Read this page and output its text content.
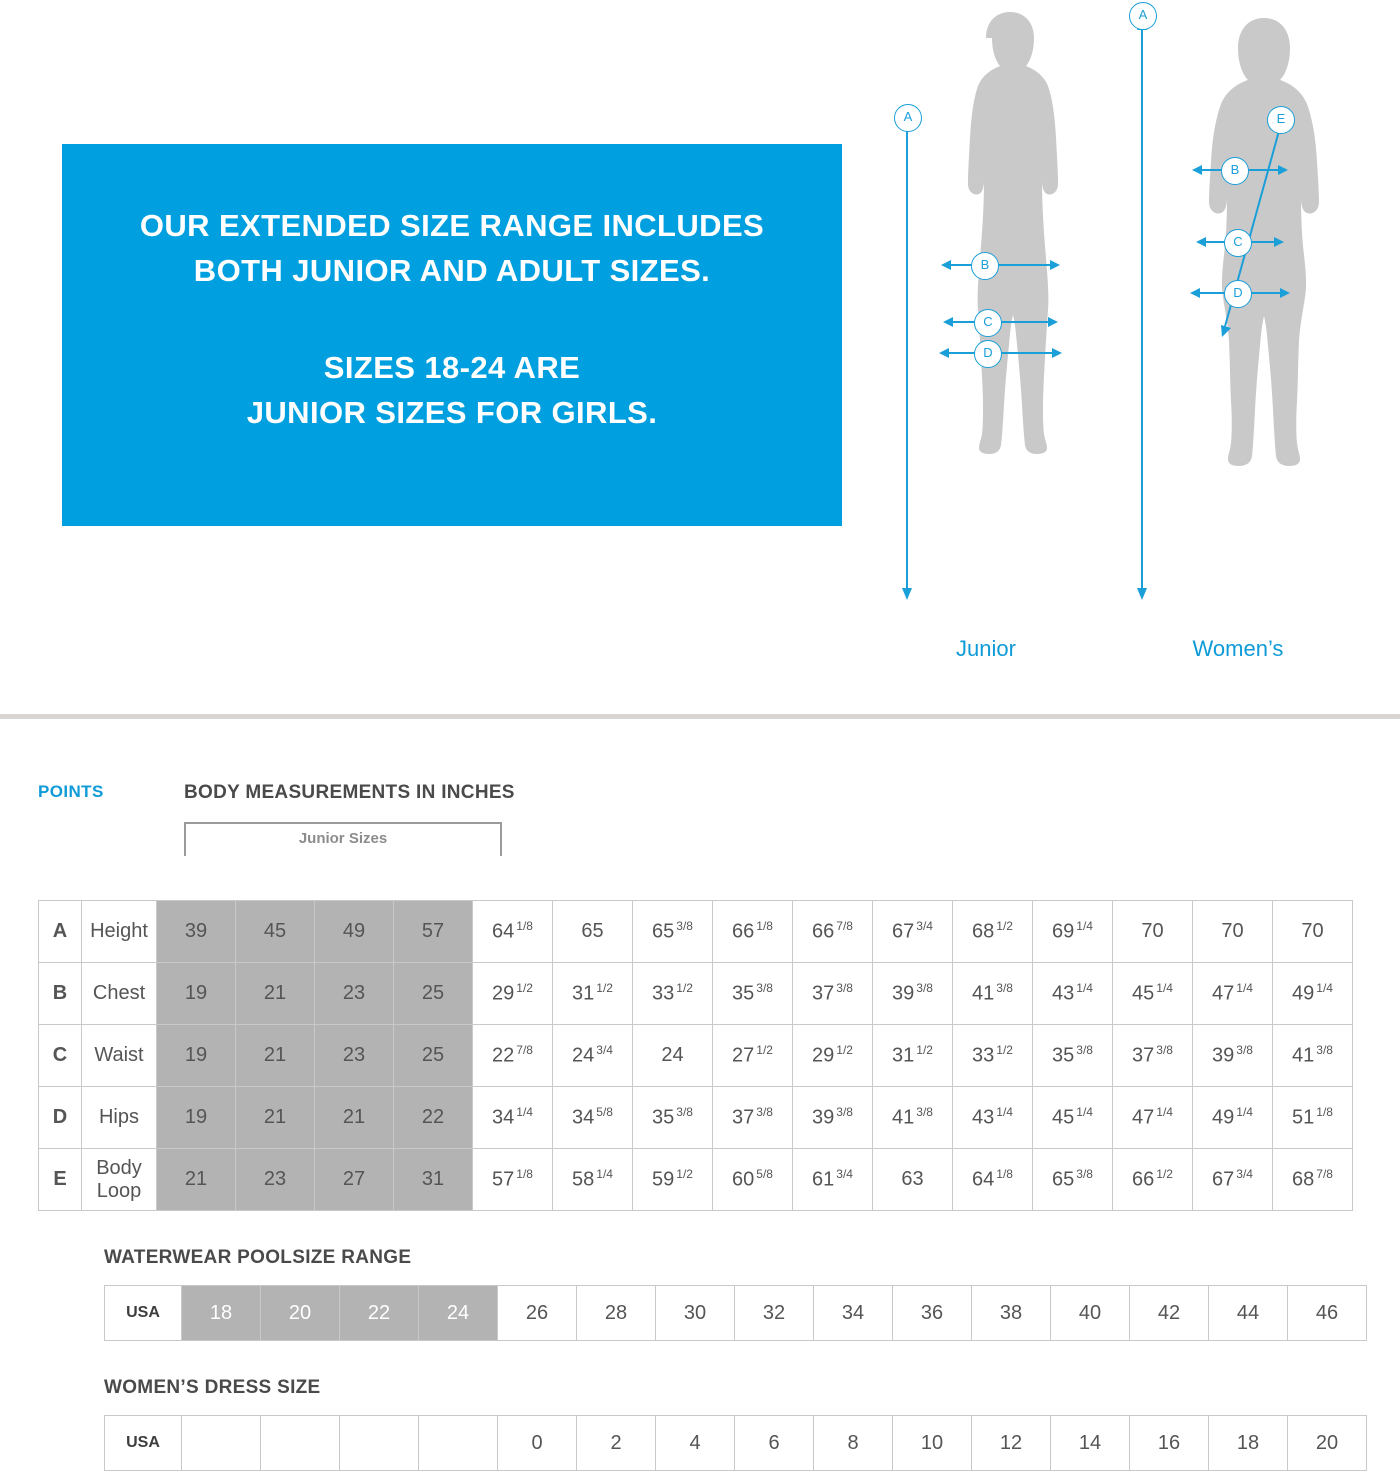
OUR EXTENDED SIZE RANGE INCLUDES
BOTH JUNIOR AND ADULT SIZES.
SIZES 18-24 ARE
JUNIOR SIZES FOR GIRLS.
A
B
C
D
A
E
B
C
D
Junior	Women’s
POINTS	BODY MEASUREMENTS IN INCHES
Junior Sizes
A	Height	39	45	49	57	64 $^{1/8}$	65	65 $^{3/8}$	66 $^{1/8}$	66 $^{7/8}$	67 $^{3/4}$	68 $^{1/2}$	69 $^{1/4}$	70	70	70
B	Chest	19	21	23	25	29 $^{1/2}$	31 $^{1/2}$	33 $^{1/2}$	35 $^{3/8}$	37 $^{3/8}$	39 $^{3/8}$	41 $^{3/8}$	43 $^{1/4}$	45 $^{1/4}$	47 $^{1/4}$	49 $^{1/4}$
C	Waist	19	21	23	25	22 $^{7/8}$	24 $^{3/4}$	24	27 $^{1/2}$	29 $^{1/2}$	31 $^{1/2}$	33 $^{1/2}$	35 $^{3/8}$	37 $^{3/8}$	39 $^{3/8}$	41 $^{3/8}$
D	Hips	19	21	21	22	34 $^{1/4}$	34 $^{5/8}$	35 $^{3/8}$	37 $^{3/8}$	39 $^{3/8}$	41 $^{3/8}$	43 $^{1/4}$	45 $^{1/4}$	47 $^{1/4}$	49 $^{1/4}$	51 $^{1/8}$
E	Body Loop	21	23	27	31	57 $^{1/8}$	58 $^{1/4}$	59 $^{1/2}$	60 $^{5/8}$	61 $^{3/4}$	63	64 $^{1/8}$	65 $^{3/8}$	66 $^{1/2}$	67 $^{3/4}$	68 $^{7/8}$
WATERWEAR POOLSIZE RANGE
USA	18	20	22	24	26	28	30	32	34	36	38	40	42	44	46
WOMEN’S DRESS SIZE
USA					0	2	4	6	8	10	12	14	16	18	20
